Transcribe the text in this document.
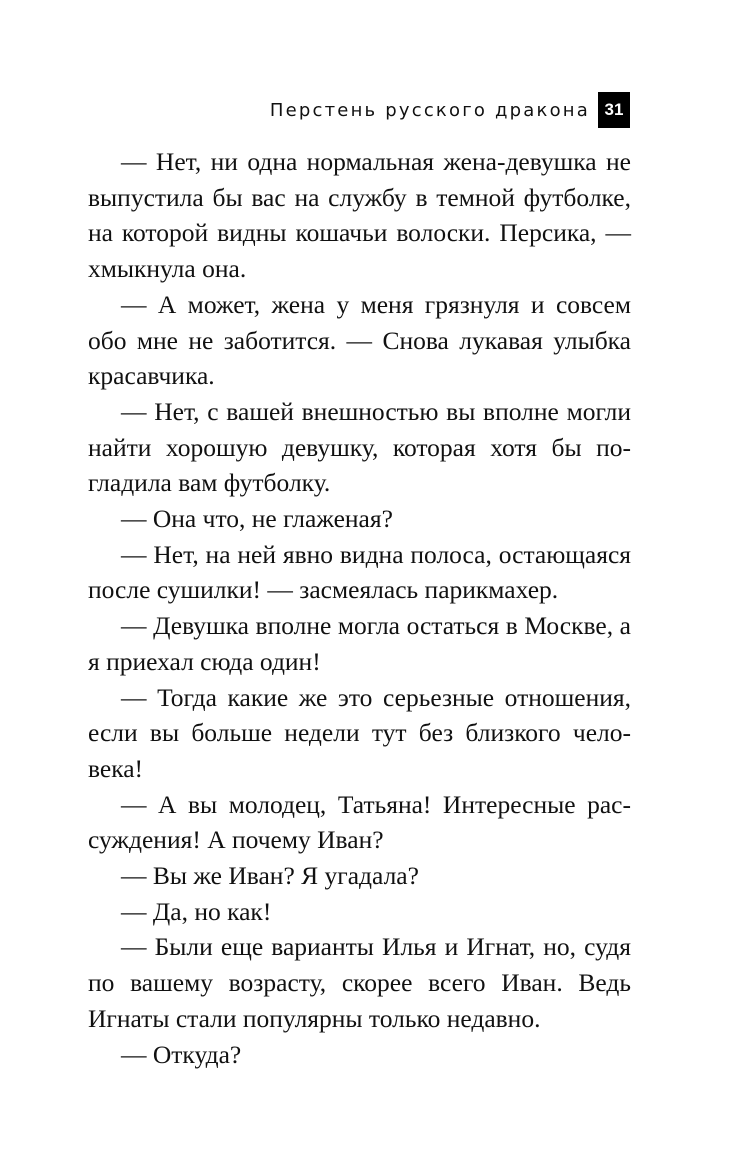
Перстень русского дракона 31

— Нет, ни одна нормальная жена-девушка не выпустила бы вас на службу в темной футболке, на которой видны кошачьи волоски. Персика, — хмыкнула она.

— А может, жена у меня грязнуля и совсем обо мне не заботится. — Снова лукавая улыбка красавчика.

— Нет, с вашей внешностью вы вполне могли найти хорошую девушку, которая хотя бы погладила вам футболку.

— Она что, не глаженая?

— Нет, на ней явно видна полоса, остающаяся после сушилки! — засмеялась парикмахер.

— Девушка вполне могла остаться в Москве, а я приехал сюда один!

— Тогда какие же это серьезные отношения, если вы больше недели тут без близкого человека!

— А вы молодец, Татьяна! Интересные рассуждения! А почему Иван?

— Вы же Иван? Я угадала?

— Да, но как!

— Были еще варианты Илья и Игнат, но, судя по вашему возрасту, скорее всего Иван. Ведь Игнаты стали популярны только недавно.

— Откуда?
